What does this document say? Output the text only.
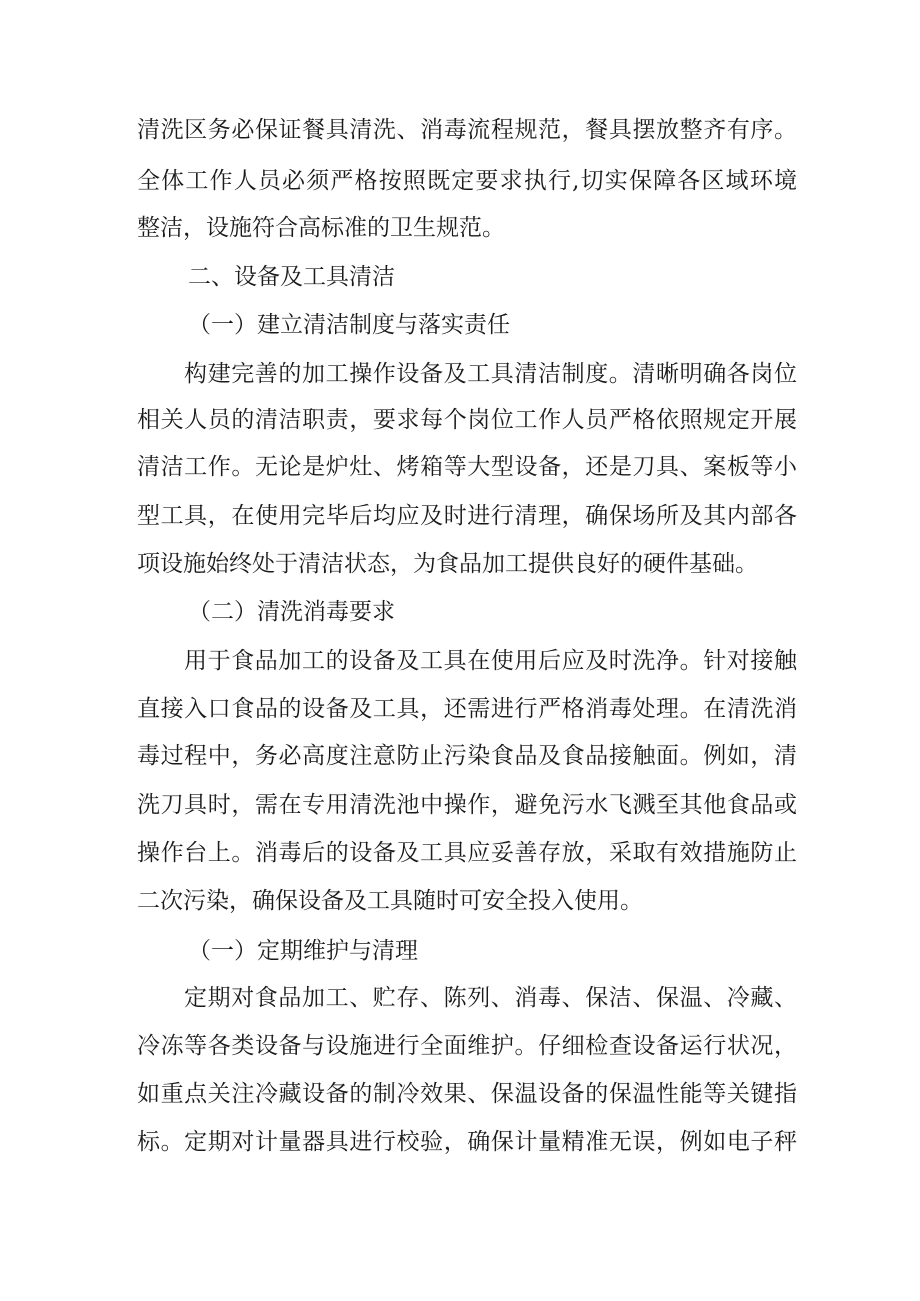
清洗区务必保证餐具清洗、消毒流程规范，餐具摆放整齐有序。
全体工作人员必须严格按照既定要求执行,切实保障各区域环境
整洁，设施符合高标准的卫生规范。
二、设备及工具清洁
（一）建立清洁制度与落实责任
构建完善的加工操作设备及工具清洁制度。清晰明确各岗位
相关人员的清洁职责，要求每个岗位工作人员严格依照规定开展
清洁工作。无论是炉灶、烤箱等大型设备，还是刀具、案板等小
型工具，在使用完毕后均应及时进行清理，确保场所及其内部各
项设施始终处于清洁状态，为食品加工提供良好的硬件基础。
（二）清洗消毒要求
用于食品加工的设备及工具在使用后应及时洗净。针对接触
直接入口食品的设备及工具，还需进行严格消毒处理。在清洗消
毒过程中，务必高度注意防止污染食品及食品接触面。例如，清
洗刀具时，需在专用清洗池中操作，避免污水飞溅至其他食品或
操作台上。消毒后的设备及工具应妥善存放，采取有效措施防止
二次污染，确保设备及工具随时可安全投入使用。
（一）定期维护与清理
定期对食品加工、贮存、陈列、消毒、保洁、保温、冷藏、
冷冻等各类设备与设施进行全面维护。仔细检查设备运行状况，
如重点关注冷藏设备的制冷效果、保温设备的保温性能等关键指
标。定期对计量器具进行校验，确保计量精准无误，例如电子秤
